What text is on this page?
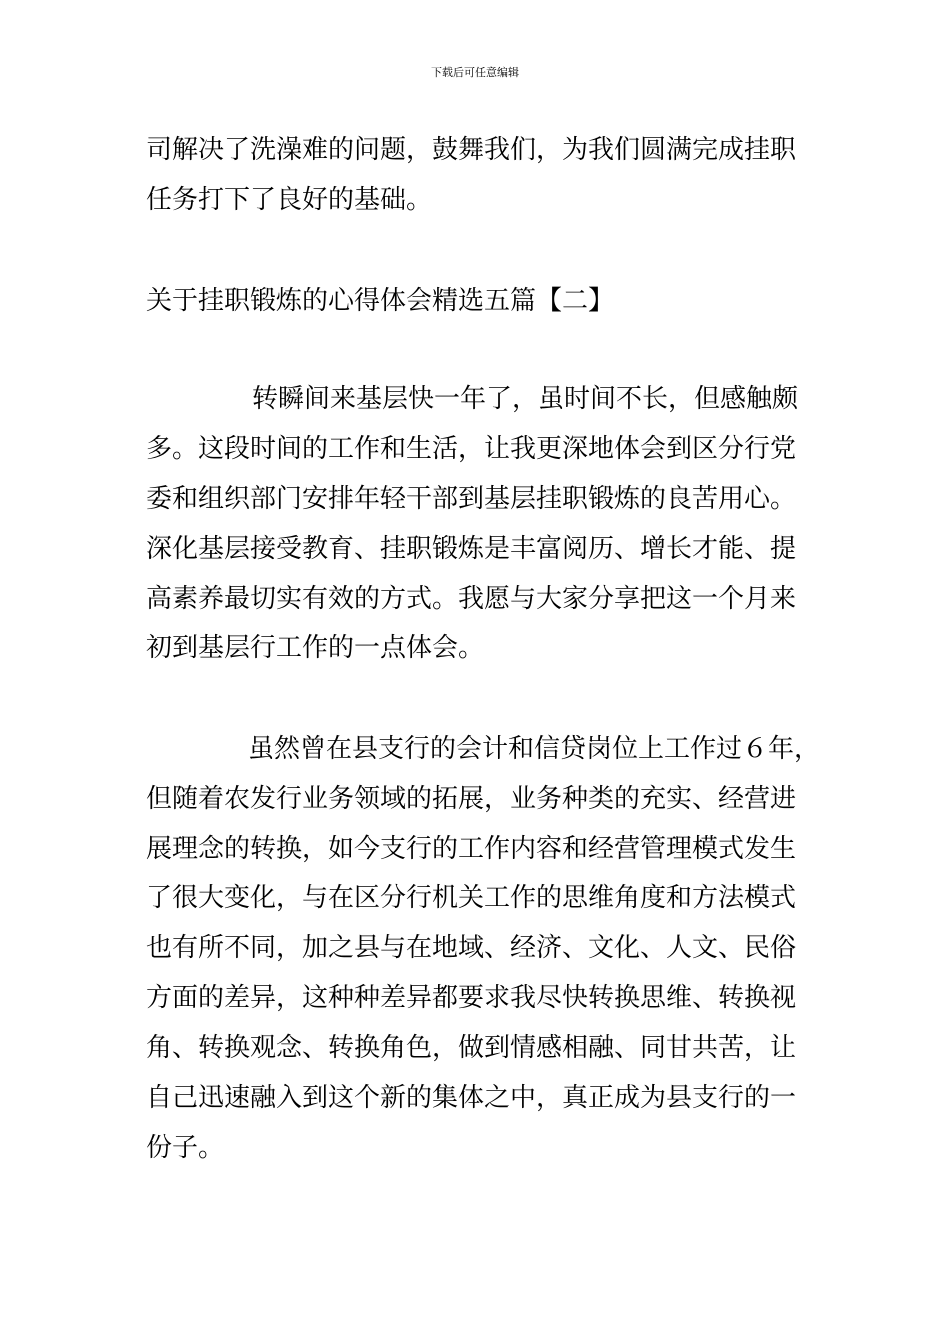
下载后可任意编辑
司解决了洗澡难的问题，鼓舞我们，为我们圆满完成挂职
任务打下了良好的基础。
关于挂职锻炼的心得体会精选五篇【二】
转瞬间来基层快一年了，虽时间不长，但感触颇
多。这段时间的工作和生活，让我更深地体会到区分行党
委和组织部门安排年轻干部到基层挂职锻炼的良苦用心。
深化基层接受教育、挂职锻炼是丰富阅历、增长才能、提
高素养最切实有效的方式。我愿与大家分享把这一个月来
初到基层行工作的一点体会。
虽然曾在县支行的会计和信贷岗位上工作过６年，
但随着农发行业务领域的拓展，业务种类的充实、经营进
展理念的转换，如今支行的工作内容和经营管理模式发生
了很大变化，与在区分行机关工作的思维角度和方法模式
也有所不同，加之县与在地域、经济、文化、人文、民俗
方面的差异，这种种差异都要求我尽快转换思维、转换视
角、转换观念、转换角色，做到情感相融、同甘共苦，让
自己迅速融入到这个新的集体之中，真正成为县支行的一
份子。
